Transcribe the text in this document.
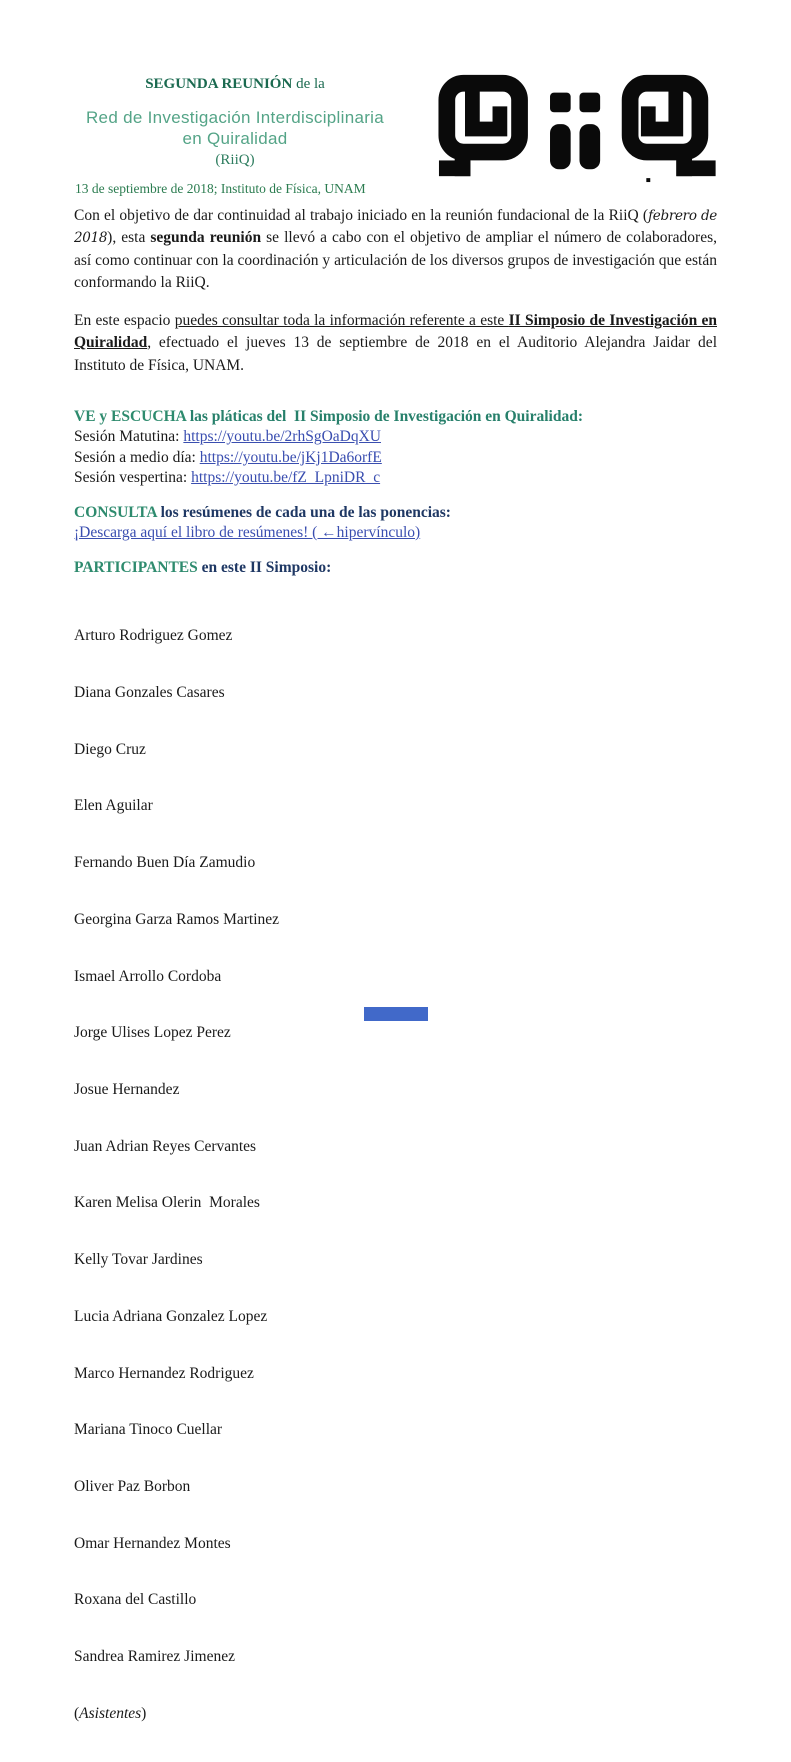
SEGUNDA REUNIÓN de la
Red de Investigación Interdisciplinaria
en Quiralidad
(RiiQ)
13 de septiembre de 2018; Instituto de Física, UNAM

Con el objetivo de dar continuidad al trabajo iniciado en la reunión fundacional de la RiiQ (febrero de 2018), esta segunda reunión se llevó a cabo con el objetivo de ampliar el número de colaboradores, así como continuar con la coordinación y articulación de los diversos grupos de investigación que están conformando la RiiQ.

En este espacio puedes consultar toda la información referente a este II Simposio de Investigación en Quiralidad, efectuado el jueves 13 de septiembre de 2018 en el Auditorio Alejandra Jaidar del Instituto de Física, UNAM.

VE y ESCUCHA las pláticas del  II Simposio de Investigación en Quiralidad:
Sesión Matutina: https://youtu.be/2rhSgOaDqXU
Sesión a medio día: https://youtu.be/jKj1Da6orfE
Sesión vespertina: https://youtu.be/fZ_LpniDR_c
CONSULTA los resúmenes de cada una de las ponencias:
¡Descarga aquí el libro de resúmenes! ( ←hipervínculo)
PARTICIPANTES en este II Simposio:

Arturo Rodriguez Gomez

Diana Gonzales Casares

Diego Cruz

Elen Aguilar

Fernando Buen Día Zamudio

Georgina Garza Ramos Martinez

Ismael Arrollo Cordoba

Jorge Ulises Lopez Perez

Josue Hernandez

Juan Adrian Reyes Cervantes

Karen Melisa Olerin  Morales

Kelly Tovar Jardines

Lucia Adriana Gonzalez Lopez

Marco Hernandez Rodriguez

Mariana Tinoco Cuellar

Oliver Paz Borbon

Omar Hernandez Montes

Roxana del Castillo

Sandrea Ramirez Jimenez

(Asistentes)
